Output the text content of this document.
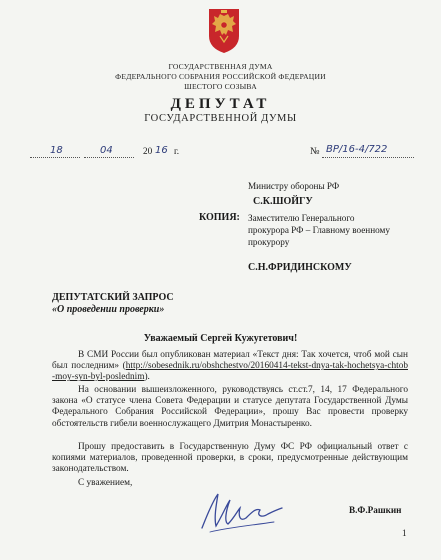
ГОСУДАРСТВЕННАЯ ДУМА
ФЕДЕРАЛЬНОГО СОБРАНИЯ РОССИЙСКОЙ ФЕДЕРАЦИИ
ШЕСТОГО СОЗЫВА
ДЕПУТАТ
ГОСУДАРСТВЕННОЙ ДУМЫ
18	04	20 16 г.	№ ВР/16-4/722
Министру обороны РФ
С.К.ШОЙГУ
КОПИЯ: Заместителю Генерального
прокурора РФ – Главному военному
прокурору
С.Н.ФРИДИНСКОМУ
ДЕПУТАТСКИЙ ЗАПРОС
«О проведении проверки»
Уважаемый Сергей Кужугетович!
В СМИ России был опубликован материал «Текст дня: Так хочется, чтоб мой сын был последним» (http://sobesednik.ru/obshchestvo/20160414-tekst-dnya-tak-hochetsya-chtob-moy-syn-byl-poslednim).
На основании вышеизложенного, руководствуясь ст.ст.7, 14, 17 Федерального закона «О статусе члена Совета Федерации и статусе депутата Государственной Думы Федерального Собрания Российской Федерации», прошу Вас провести проверку обстоятельств гибели военнослужащего Дмитрия Монастыренко.
Прошу предоставить в Государственную Думу ФС РФ официальный ответ с копиями материалов, проведенной проверки, в сроки, предусмотренные действующим законодательством.
С уважением,
В.Ф.Рашкин
1
